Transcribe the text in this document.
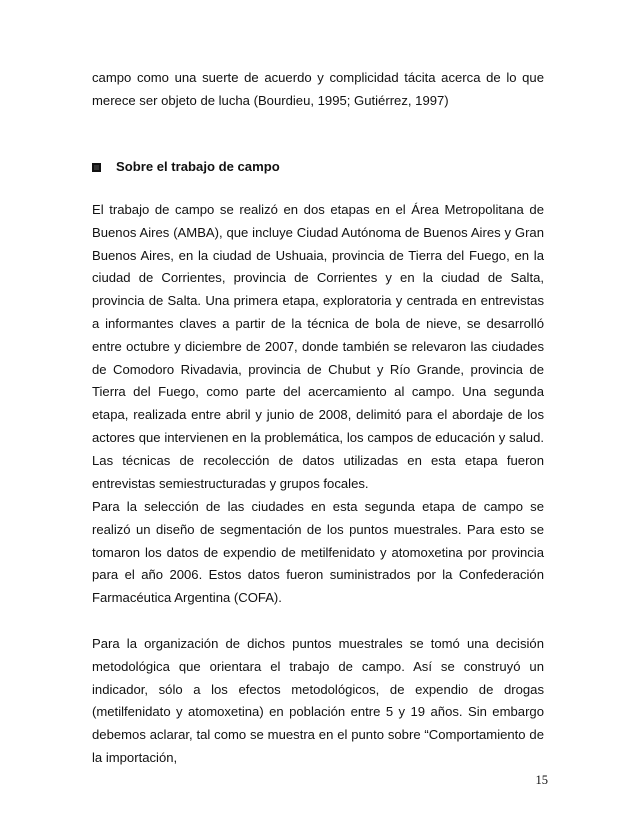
campo como una suerte de acuerdo y complicidad tácita acerca de lo que merece ser objeto de lucha (Bourdieu, 1995; Gutiérrez, 1997)

Sobre el trabajo de campo

El trabajo de campo se realizó en dos etapas en el Área Metropolitana de Buenos Aires (AMBA), que incluye Ciudad Autónoma de Buenos Aires y Gran Buenos Aires, en la ciudad de Ushuaia, provincia de Tierra del Fuego, en la ciudad de Corrientes, provincia de Corrientes y en la ciudad de Salta, provincia de Salta. Una primera etapa, exploratoria y centrada en entrevistas a informantes claves a partir de la técnica de bola de nieve, se desarrolló entre octubre y diciembre de 2007, donde también se relevaron las ciudades de Comodoro Rivadavia, provincia de Chubut y Río Grande, provincia de Tierra del Fuego, como parte del acercamiento al campo. Una segunda etapa, realizada entre abril y junio de 2008, delimitó para el abordaje de los actores que intervienen en la problemática, los campos de educación y salud. Las técnicas de recolección de datos utilizadas en esta etapa fueron entrevistas semiestructuradas y grupos focales.

Para la selección de las ciudades en esta segunda etapa de campo se realizó un diseño de segmentación de los puntos muestrales. Para esto se tomaron los datos de expendio de metilfenidato y atomoxetina por provincia para el año 2006. Estos datos fueron suministrados por la Confederación Farmacéutica Argentina (COFA).

Para la organización de dichos puntos muestrales se tomó una decisión metodológica que orientara el trabajo de campo. Así se construyó un indicador, sólo a los efectos metodológicos, de expendio de drogas (metilfenidato y atomoxetina) en población entre 5 y 19 años. Sin embargo debemos aclarar, tal como se muestra en el punto sobre “Comportamiento de la importación,

15
